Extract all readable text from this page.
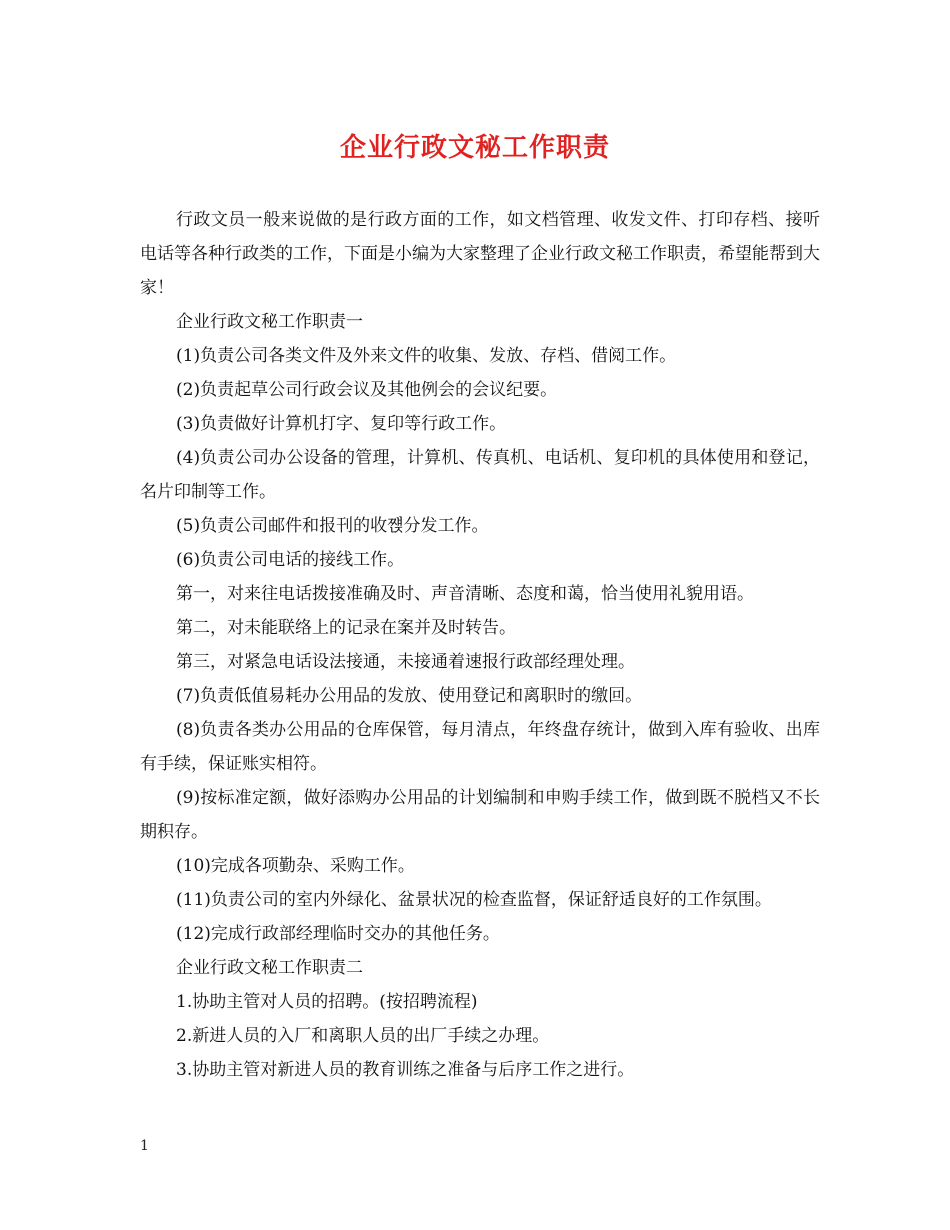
企业行政文秘工作职责

行政文员一般来说做的是行政方面的工作，如文档管理、收发文件、打印存档、接听电话等各种行政类的工作，下面是小编为大家整理了企业行政文秘工作职责，希望能帮到大家！

企业行政文秘工作职责一

(1)负责公司各类文件及外来文件的收集、发放、存档、借阅工作。

(2)负责起草公司行政会议及其他例会的会议纪要。

(3)负责做好计算机打字、复印等行政工作。

(4)负责公司办公设备的管理，计算机、传真机、电话机、复印机的具体使用和登记，名片印制等工作。

(5)负责公司邮件和报刊的收쨵分发工作。

(6)负责公司电话的接线工作。

第一，对来往电话拨接准确及时、声音清晰、态度和蔼，恰当使用礼貌用语。

第二，对未能联络上的记录在案并及时转告。

第三，对紧急电话设法接通，未接通着速报行政部经理处理。

(7)负责低值易耗办公用品的发放、使用登记和离职时的缴回。

(8)负责各类办公用品的仓库保管，每月清点，年终盘存统计，做到入库有验收、出库有手续，保证账实相符。

(9)按标准定额，做好添购办公用品的计划编制和申购手续工作，做到既不脱档又不长期积存。

(10)完成各项勤杂、采购工作。

(11)负责公司的室内外绿化、盆景状况的检查监督，保证舒适良好的工作氛围。

(12)完成行政部经理临时交办的其他任务。

企业行政文秘工作职责二

1.协助主管对人员的招聘。(按招聘流程)

2.新进人员的入厂和离职人员的出厂手续之办理。

3.协助主管对新进人员的教育训练之准备与后序工作之进行。

1
